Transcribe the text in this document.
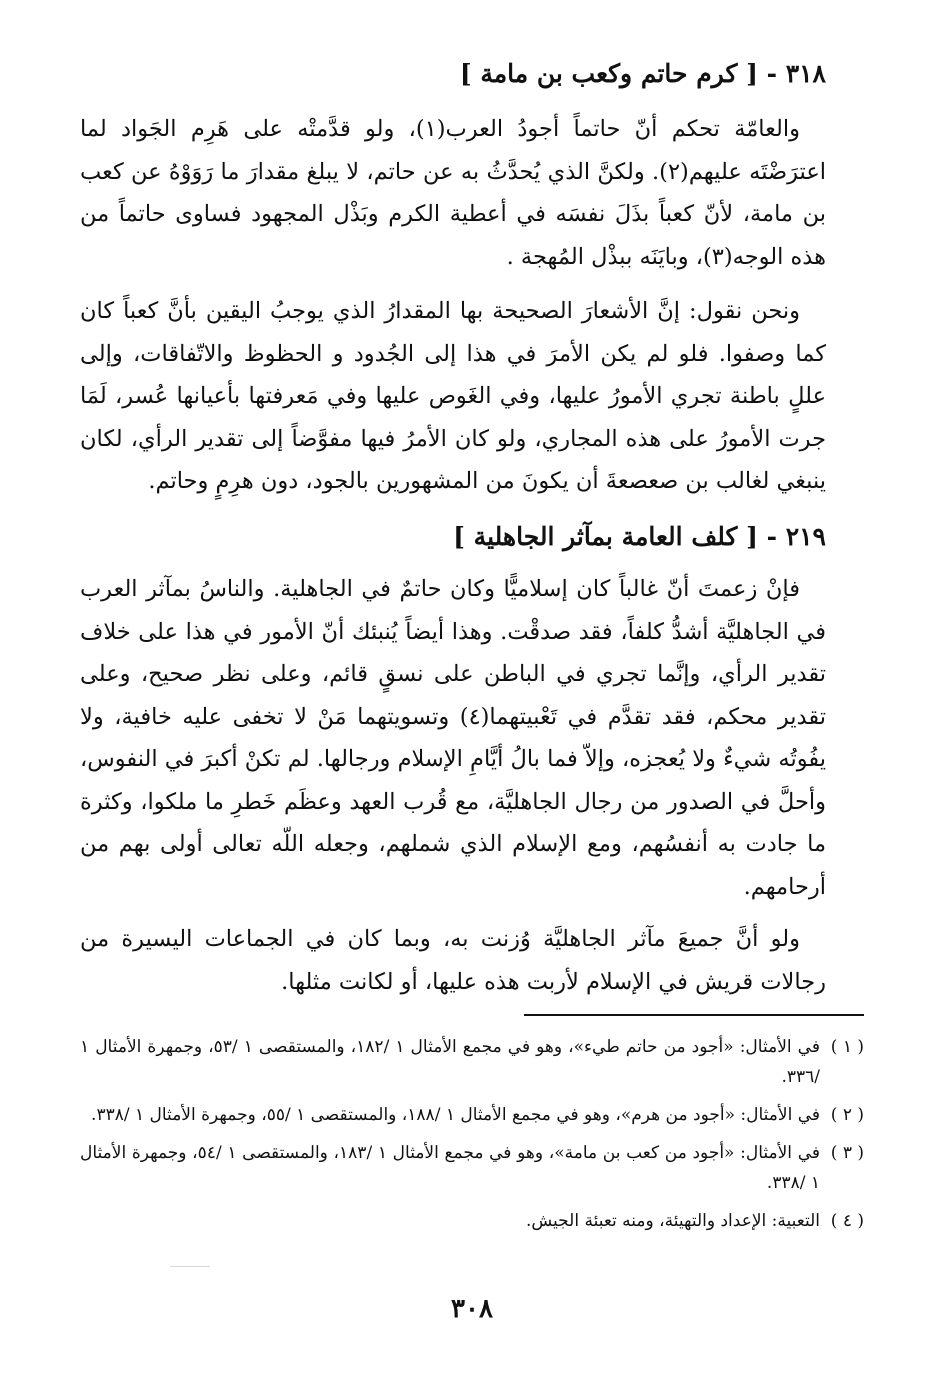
٣١٨ - [ كرم حاتم وكعب بن مامة ]

والعامّة تحكم أنّ حاتماً أجودُ العرب(١)، ولو قدَّمتْه على هَرِم الجَواد لما اعترَضْتَه عليهم(٢). ولكنَّ الذي يُحدَّثُ به عن حاتم، لا يبلغ مقدارَ ما رَوَوْهُ عن كعب بن مامة، لأنّ كعباً بذَلَ نفسَه في أعطية الكرم وبَذْل المجهود فساوى حاتماً من هذه الوجه(٣)، وبايَنَه ببذْل المُهجة .

ونحن نقول: إنَّ الأشعارَ الصحيحة بها المقدارُ الذي يوجبُ اليقين بأنَّ كعباً كان كما وصفوا. فلو لم يكن الأمرَ في هذا إلى الجُدود و الحظوظ والاتّفاقات، وإلى عللٍ باطنة تجري الأمورُ عليها، وفي الغَوص عليها وفي مَعرفتها بأعيانها عُسر، لَمَا جرت الأمورُ على هذه المجاري، ولو كان الأمرُ فيها مفوَّضاً إلى تقدير الرأي، لكان ينبغي لغالب بن صعصعةَ أن يكونَ من المشهورين بالجود، دون هرِمٍ وحاتم.

٢١٩ - [ كلف العامة بمآثر الجاهلية ]

فإنْ زعمتَ أنّ غالباً كان إسلاميًّا وكان حاتمٌ في الجاهلية. والناسُ بمآثر العرب في الجاهليَّة أشدُّ كلفاً، فقد صدقْت. وهذا أيضاً يُنبئك أنّ الأمور في هذا على خلاف تقدير الرأي، وإنَّما تجري في الباطن على نسقٍ قائم، وعلى نظر صحيح، وعلى تقدير محكم، فقد تقدَّم في تَعْبيتهما(٤) وتسويتهما مَنْ لا تخفى عليه خافية، ولا يفُوتُه شيءٌ ولا يُعجزه، وإلاّ فما بالُ أيَّامِ الإسلام ورجالها. لم تكنْ أكبرَ في النفوس، وأحلَّ في الصدور من رجال الجاهليَّة، مع قُرب العهد وعظَم خَطرِ ما ملكوا، وكثرة ما جادت به أنفسُهم، ومع الإسلام الذي شملهم، وجعله اللّه تعالى أولى بهم من أرحامهم.

ولو أنَّ جميعَ مآثر الجاهليَّة وُزنت به، وبما كان في الجماعات اليسيرة من رجالات قريش في الإسلام لأربت هذه عليها، أو لكانت مثلها.

( ١ )
في الأمثال: «أجود من حاتم طيء»، وهو في مجمع الأمثال ١ /١٨٢، والمستقصى ١ /٥٣، وجمهرة الأمثال ١ /٣٣٦.
( ٢ )
في الأمثال: «أجود من هرم»، وهو في مجمع الأمثال ١ /١٨٨، والمستقصى ١ /٥٥، وجمهرة الأمثال ١ /٣٣٨.
( ٣ )
في الأمثال: «أجود من كعب بن مامة»، وهو في مجمع الأمثال ١ /١٨٣، والمستقصى ١ /٥٤، وجمهرة الأمثال ١ /٣٣٨.
( ٤ )
التعبية: الإعداد والتهيئة، ومنه تعبئة الجيش.
٣٠٨
